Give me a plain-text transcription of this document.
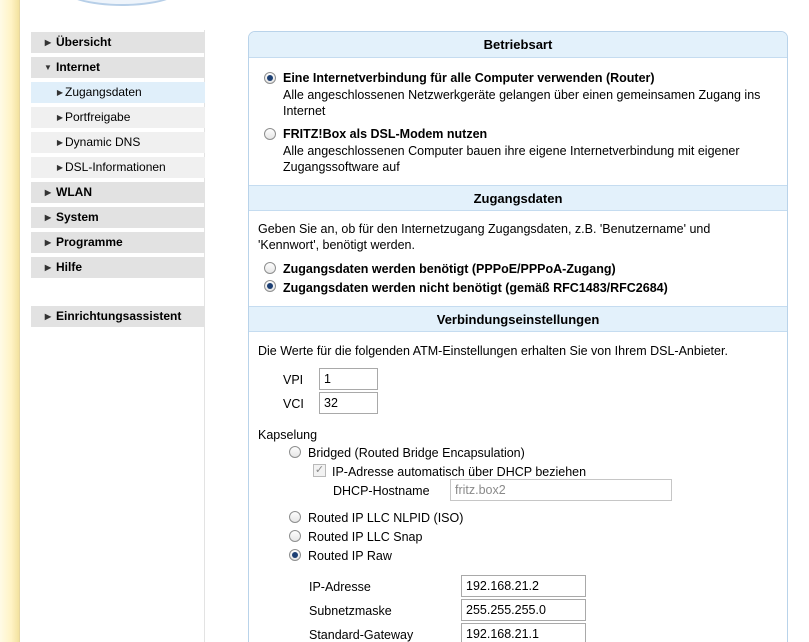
▶ Übersicht
▼ Internet
▶ Zugangsdaten
▶ Portfreigabe
▶ Dynamic DNS
▶ DSL-Informationen
▶ WLAN
▶ System
▶ Programme
▶ Hilfe
▶ Einrichtungsassistent
Betriebsart
Eine Internetverbindung für alle Computer verwenden (Router)
Alle angeschlossenen Netzwerkgeräte gelangen über einen gemeinsamen Zugang ins
Internet
FRITZ!Box als DSL-Modem nutzen
Alle angeschlossenen Computer bauen ihre eigene Internetverbindung mit eigener
Zugangssoftware auf
Zugangsdaten
Geben Sie an, ob für den Internetzugang Zugangsdaten, z.B. 'Benutzername' und
'Kennwort', benötigt werden.
Zugangsdaten werden benötigt (PPPoE/PPPoA-Zugang)
Zugangsdaten werden nicht benötigt (gemäß RFC1483/RFC2684)
Verbindungseinstellungen
Die Werte für die folgenden ATM-Einstellungen erhalten Sie von Ihrem DSL-Anbieter.
VPI	1
VCI	32
Kapselung
Bridged (Routed Bridge Encapsulation)
✓ IP-Adresse automatisch über DHCP beziehen
DHCP-Hostname	fritz.box2
Routed IP LLC NLPID (ISO)
Routed IP LLC Snap
Routed IP Raw
IP-Adresse	192.168.21.2
Subnetzmaske	255.255.255.0
Standard-Gateway	192.168.21.1
